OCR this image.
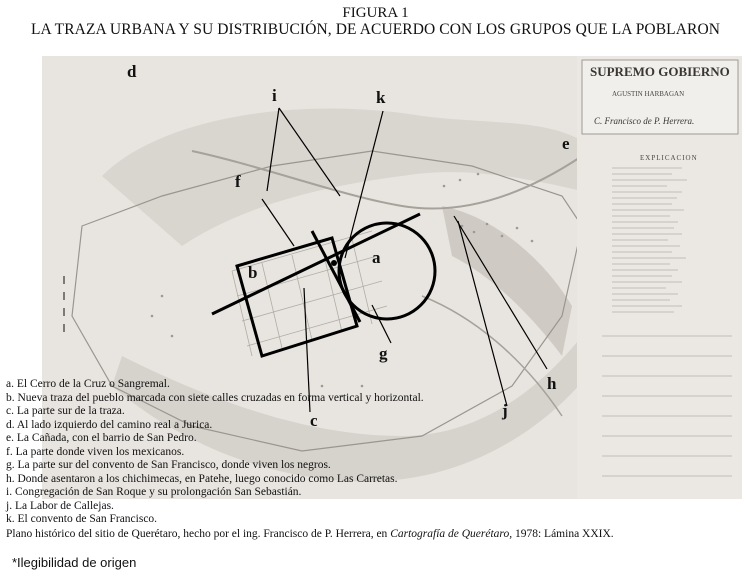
FIGURA 1
LA TRAZA URBANA Y SU DISTRIBUCIÓN, DE ACUERDO CON LOS GRUPOS QUE LA POBLARON
SUPREMO GOBIERNO
AGUSTIN HARBAGAN
C. Francisco de P. Herrera.
EXPLICACION
d
i	k
e
f
a
b
g
h
j
c
a. El Cerro de la Cruz o Sangremal.
b. Nueva traza del pueblo marcada con siete calles cruzadas en forma vertical y horizontal.
c. La parte sur de la traza.
d. Al lado izquierdo del camino real a Jurica.
e. La Cañada, con el barrio de San Pedro.
f. La parte donde viven los mexicanos.
g. La parte sur del convento de San Francisco, donde viven los negros.
h. Donde asentaron a los chichimecas, en Patehe, luego conocido como Las Carretas.
i. Congregación de San Roque y su prolongación San Sebastián.
j. La Labor de Callejas.
k. El convento de San Francisco.
Plano histórico del sitio de Querétaro, hecho por el ing. Francisco de P. Herrera, en Cartografía de Querétaro, 1978: Lámina XXIX.
*Ilegibilidad de origen
